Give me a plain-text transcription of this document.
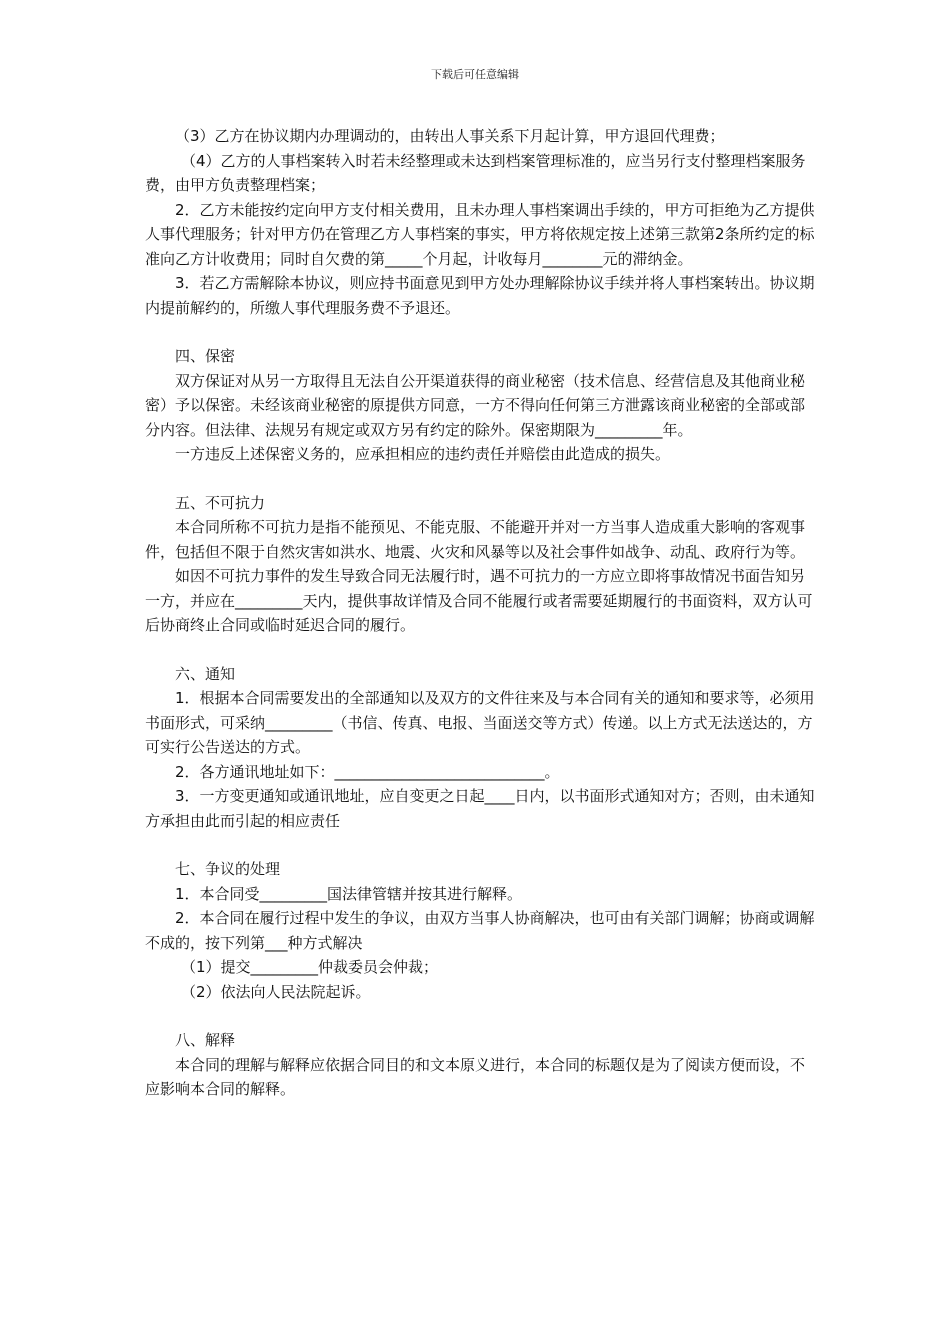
下载后可任意编辑

（3）乙方在协议期内办理调动的，由转出人事关系下月起计算，甲方退回代理费；

（4）乙方的人事档案转入时若未经整理或未达到档案管理标准的，应当另行支付整理档案服务费，由甲方负责整理档案；

2．乙方未能按约定向甲方支付相关费用，且未办理人事档案调出手续的，甲方可拒绝为乙方提供人事代理服务；针对甲方仍在管理乙方人事档案的事实，甲方将依规定按上述第三款第2条所约定的标准向乙方计收费用；同时自欠费的第_____个月起，计收每月________元的滞纳金。

3．若乙方需解除本协议，则应持书面意见到甲方处办理解除协议手续并将人事档案转出。协议期内提前解约的，所缴人事代理服务费不予退还。

四、保密

双方保证对从另一方取得且无法自公开渠道获得的商业秘密（技术信息、经营信息及其他商业秘密）予以保密。未经该商业秘密的原提供方同意，一方不得向任何第三方泄露该商业秘密的全部或部分内容。但法律、法规另有规定或双方另有约定的除外。保密期限为_________年。

一方违反上述保密义务的，应承担相应的违约责任并赔偿由此造成的损失。

五、不可抗力

本合同所称不可抗力是指不能预见、不能克服、不能避开并对一方当事人造成重大影响的客观事件，包括但不限于自然灾害如洪水、地震、火灾和风暴等以及社会事件如战争、动乱、政府行为等。

如因不可抗力事件的发生导致合同无法履行时，遇不可抗力的一方应立即将事故情况书面告知另一方，并应在_________天内，提供事故详情及合同不能履行或者需要延期履行的书面资料，双方认可后协商终止合同或临时延迟合同的履行。

六、通知

1．根据本合同需要发出的全部通知以及双方的文件往来及与本合同有关的通知和要求等，必须用书面形式，可采纳_________（书信、传真、电报、当面送交等方式）传递。以上方式无法送达的，方可实行公告送达的方式。

2．各方通讯地址如下：____________________________。

3．一方变更通知或通讯地址，应自变更之日起____日内，以书面形式通知对方；否则，由未通知方承担由此而引起的相应责任

七、争议的处理

1．本合同受_________国法律管辖并按其进行解释。

2．本合同在履行过程中发生的争议，由双方当事人协商解决，也可由有关部门调解；协商或调解不成的，按下列第___种方式解决

（1）提交_________仲裁委员会仲裁；

（2）依法向人民法院起诉。

八、解释

本合同的理解与解释应依据合同目的和文本原义进行，本合同的标题仅是为了阅读方便而设，不应影响本合同的解释。
